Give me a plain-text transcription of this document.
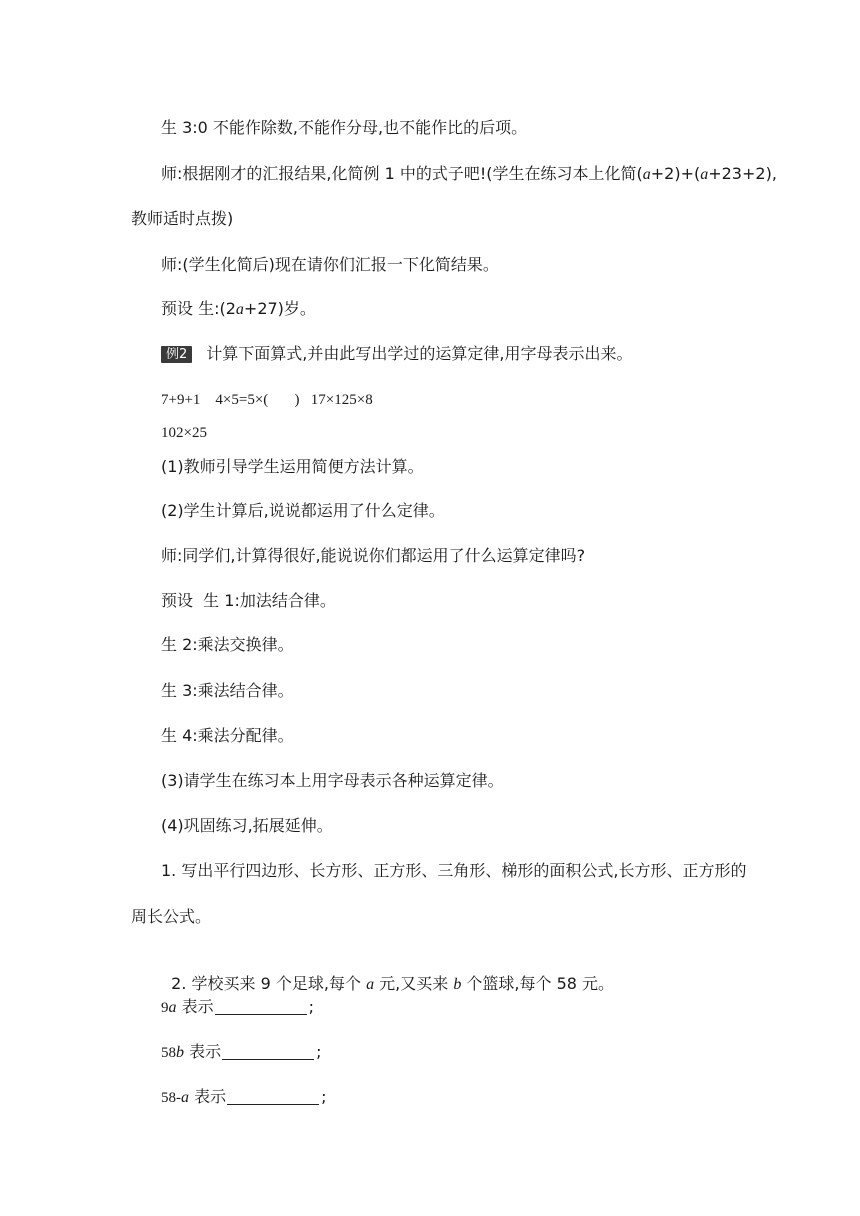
生 3:0 不能作除数,不能作分母,也不能作比的后项。
师:根据刚才的汇报结果,化简例 1 中的式子吧!(学生在练习本上化简(a+2)+(a+23+2),
教师适时点拨)
师:(学生化简后)现在请你们汇报一下化简结果。
预设 生:(2a+27)岁。
例2 计算下面算式,并由此写出学过的运算定律,用字母表示出来。
7+9+1    4×5=5×(       )   17×125×8
102×25
(1)教师引导学生运用简便方法计算。
(2)学生计算后,说说都运用了什么定律。
师:同学们,计算得很好,能说说你们都运用了什么运算定律吗?
预设  生 1:加法结合律。
生 2:乘法交换律。
生 3:乘法结合律。
生 4:乘法分配律。
(3)请学生在练习本上用字母表示各种运算定律。
(4)巩固练习,拓展延伸。
1. 写出平行四边形、长方形、正方形、三角形、梯形的面积公式,长方形、正方形的
周长公式。

2. 学校买来 9 个足球,每个 a 元,又买来 b 个篮球,每个 58 元。

9a 表示	;
58b 表示	;
58-a 表示	;
